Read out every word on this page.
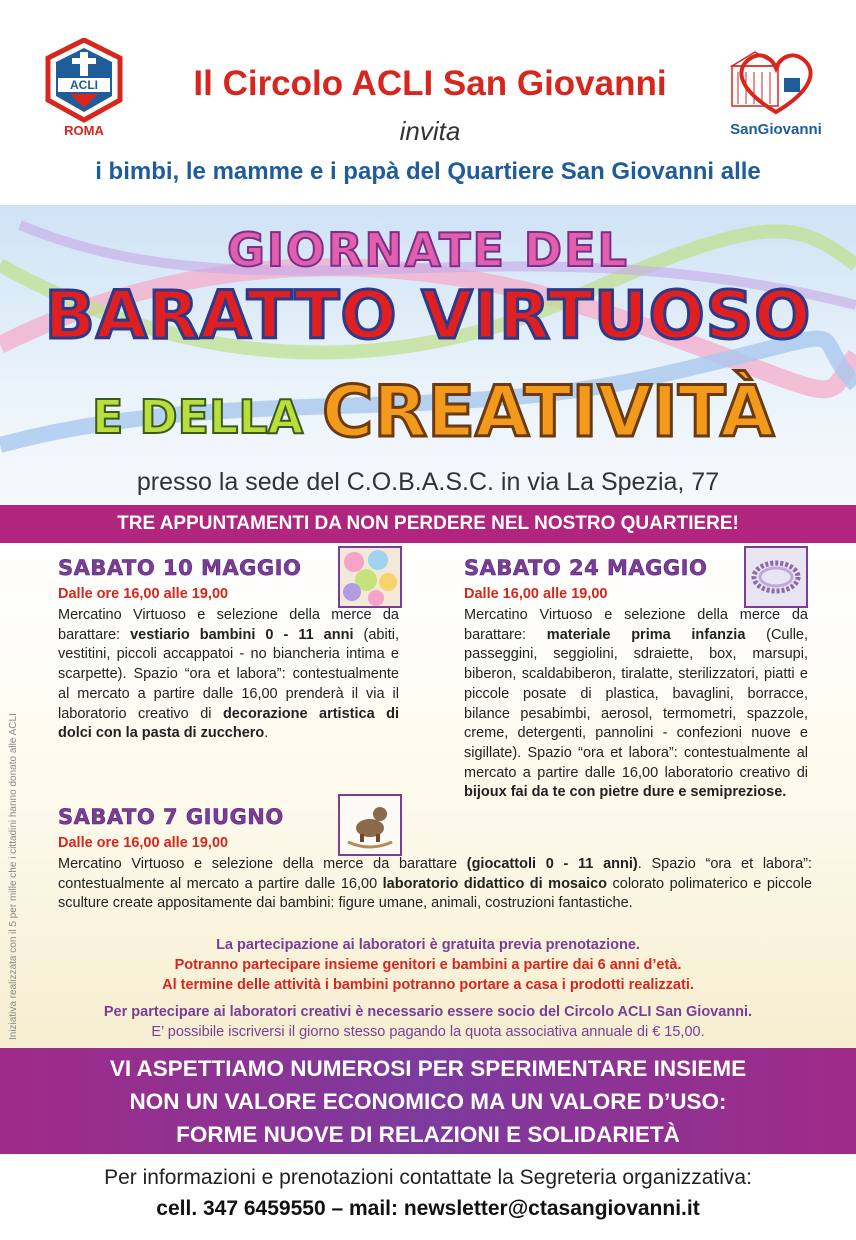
ACLI
ROMA	SanGiovanni
Il Circolo ACLI San Giovanni
invita
i bimbi, le mamme e i papà del Quartiere San Giovanni alle
GIORNATE DEL
BARATTO VIRTUOSO
E DELLA CREATIVITÀ
presso la sede del C.O.B.A.S.C. in via La Spezia, 77
TRE APPUNTAMENTI DA NON PERDERE NEL NOSTRO QUARTIERE!
Iniziativa realizzata con il 5 per mille che i cittadini hanno donato alle ACLI
SABATO 10 MAGGIO
Dalle ore 16,00 alle 19,00
Mercatino Virtuoso e selezione della merce da barattare: vestiario bambini 0 - 11 anni (abiti, vestitini, piccoli accappatoi - no biancheria intima e scarpette). Spazio “ora et labora”: contestualmente al mercato a partire dalle 16,00 prenderà il via il laboratorio creativo di decorazione artistica di dolci con la pasta di zucchero.
SABATO 24 MAGGIO
Dalle 16,00 alle 19,00
Mercatino Virtuoso e selezione della merce da barattare: materiale prima infanzia (Culle, passeggini, seggiolini, sdraiette, box, marsupi, biberon, scaldabiberon, tiralatte, sterilizzatori, piatti e piccole posate di plastica, bavaglini, borracce, bilance pesabimbi, aerosol, termometri, spazzole, creme, detergenti, pannolini - confezioni nuove e sigillate). Spazio “ora et labora”: contestualmente al mercato a partire dalle 16,00 laboratorio creativo di bijoux fai da te con pietre dure e semipreziose.
SABATO 7 GIUGNO
Dalle ore 16,00 alle 19,00
Mercatino Virtuoso e selezione della merce da barattare (giocattoli 0 - 11 anni). Spazio “ora et labora”: contestualmente al mercato a partire dalle 16,00 laboratorio didattico di mosaico colorato polimaterico e piccole sculture create appositamente dai bambini: figure umane, animali, costruzioni fantastiche.
La partecipazione ai laboratori è gratuita previa prenotazione.
Potranno partecipare insieme genitori e bambini a partire dai 6 anni d’età.
Al termine delle attività i bambini potranno portare a casa i prodotti realizzati.
Per partecipare ai laboratori creativi è necessario essere socio del Circolo ACLI San Giovanni.
E’ possibile iscriversi il giorno stesso pagando la quota associativa annuale di € 15,00.
VI ASPETTIAMO NUMEROSI PER SPERIMENTARE INSIEME
NON UN VALORE ECONOMICO MA UN VALORE D’USO:
FORME NUOVE DI RELAZIONI E SOLIDARIETÀ
Per informazioni e prenotazioni contattate la Segreteria organizzativa:
cell. 347 6459550 – mail: newsletter@ctasangiovanni.it
